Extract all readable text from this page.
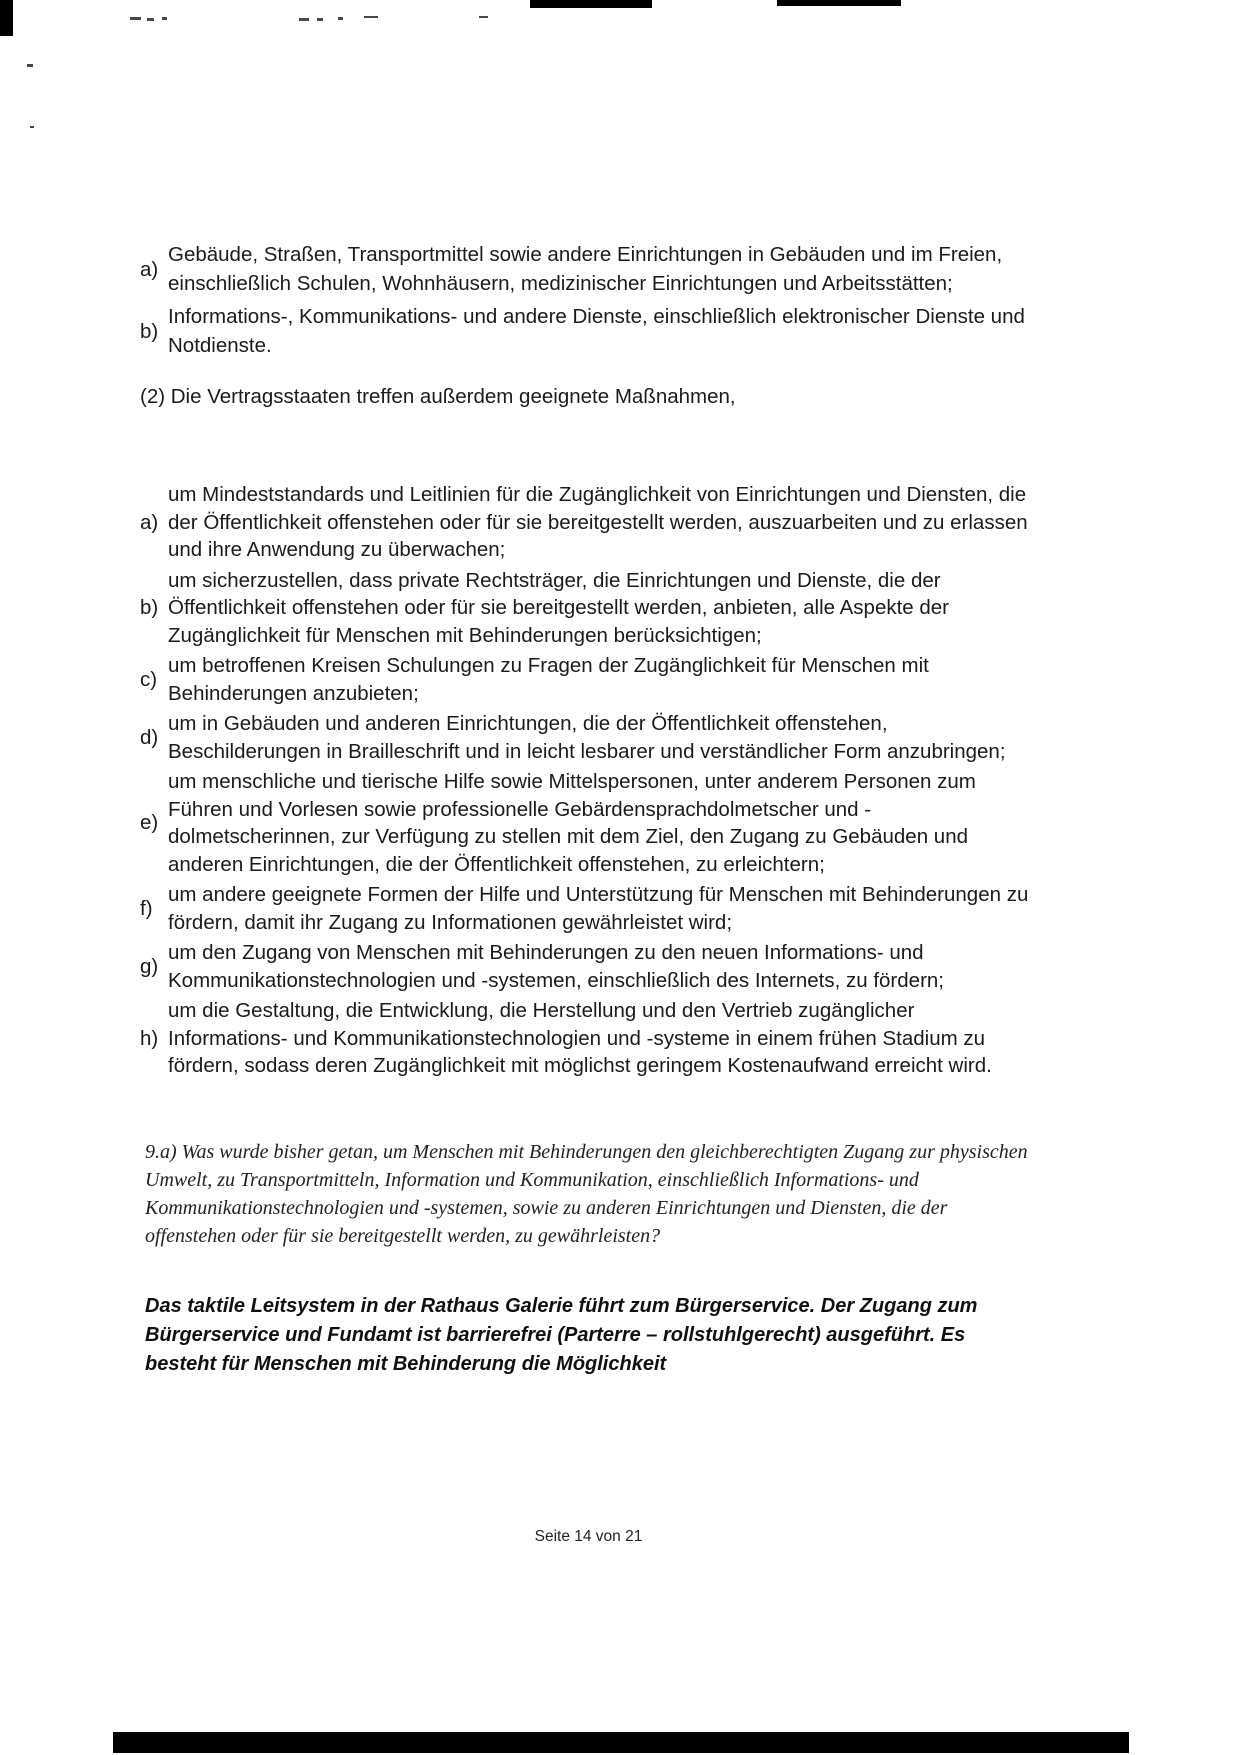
a)
Gebäude, Straßen, Transportmittel sowie andere Einrichtungen in Gebäuden und im Freien, einschließlich Schulen, Wohnhäusern, medizinischer Einrichtungen und Arbeitsstätten;
b)
Informations-, Kommunikations- und andere Dienste, einschließlich elektronischer Dienste und Notdienste.
(2) Die Vertragsstaaten treffen außerdem geeignete Maßnahmen,
a)
um Mindeststandards und Leitlinien für die Zugänglichkeit von Einrichtungen und Diensten, die der Öffentlichkeit offenstehen oder für sie bereitgestellt werden, auszuarbeiten und zu erlassen und ihre Anwendung zu überwachen;
b)
um sicherzustellen, dass private Rechtsträger, die Einrichtungen und Dienste, die der Öffentlichkeit offenstehen oder für sie bereitgestellt werden, anbieten, alle Aspekte der Zugänglichkeit für Menschen mit Behinderungen berücksichtigen;
c)
um betroffenen Kreisen Schulungen zu Fragen der Zugänglichkeit für Menschen mit Behinderungen anzubieten;
d)
um in Gebäuden und anderen Einrichtungen, die der Öffentlichkeit offenstehen, Beschilderungen in Brailleschrift und in leicht lesbarer und verständlicher Form anzubringen;
e)
um menschliche und tierische Hilfe sowie Mittelspersonen, unter anderem Personen zum Führen und Vorlesen sowie professionelle Gebärdensprachdolmetscher und - dolmetscherinnen, zur Verfügung zu stellen mit dem Ziel, den Zugang zu Gebäuden und anderen Einrichtungen, die der Öffentlichkeit offenstehen, zu erleichtern;
f)
um andere geeignete Formen der Hilfe und Unterstützung für Menschen mit Behinderungen zu fördern, damit ihr Zugang zu Informationen gewährleistet wird;
g)
um den Zugang von Menschen mit Behinderungen zu den neuen Informations- und Kommunikationstechnologien und -systemen, einschließlich des Internets, zu fördern;
h)
um die Gestaltung, die Entwicklung, die Herstellung und den Vertrieb zugänglicher Informations- und Kommunikationstechnologien und -systeme in einem frühen Stadium zu fördern, sodass deren Zugänglichkeit mit möglichst geringem Kostenaufwand erreicht wird.
9.a) Was wurde bisher getan, um Menschen mit Behinderungen den gleichberechtigten Zugang zur physischen Umwelt, zu Transportmitteln, Information und Kommunikation, einschließlich Informations- und Kommunikationstechnologien und -systemen, sowie zu anderen Einrichtungen und Diensten, die der offenstehen oder für sie bereitgestellt werden, zu gewährleisten?
Das taktile Leitsystem in der Rathaus Galerie führt zum Bürgerservice. Der Zugang zum Bürgerservice und Fundamt ist barrierefrei (Parterre – rollstuhlgerecht) ausgeführt. Es besteht für Menschen mit Behinderung die Möglichkeit
Seite 14 von 21
